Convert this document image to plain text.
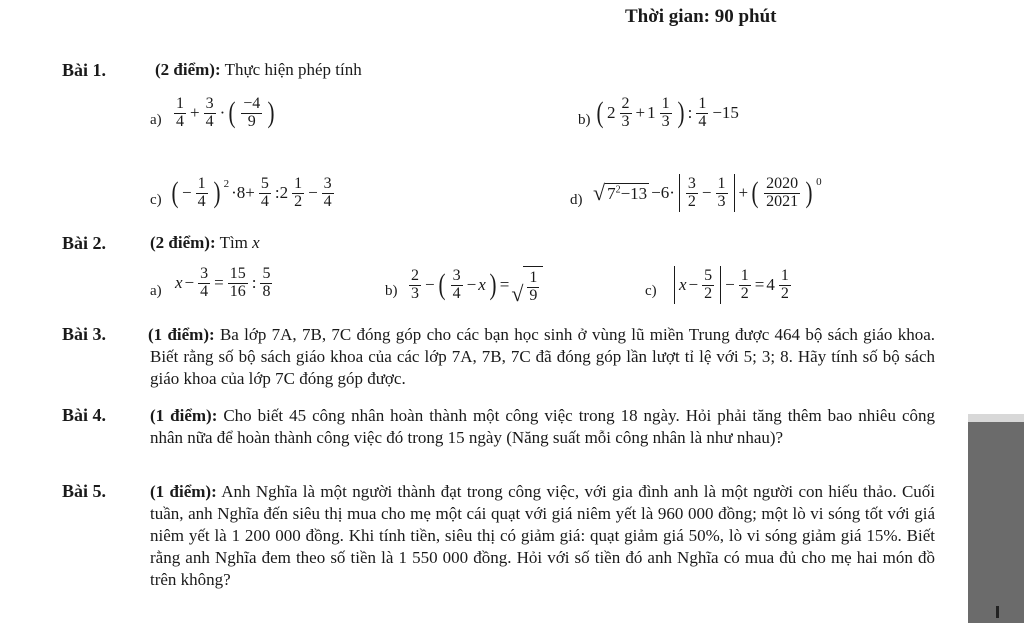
Thời gian: 90 phút
Bài 1.	(2 điểm): Thực hiện phép tính
$a) \frac{1}{4} + \frac{3}{4}$ · ( $\frac{-4}{9}$ )	b) ( $2 \frac{2}{3} + 1 \frac{1}{3}$ ) : $\frac{1}{4} -15$
c) ( − $\frac{1}{4}$ ) $2 \cdot 8+ \frac{5}{4}$ :2 $\frac{1}{2} - \frac{3}{4}$	d) √ $7^2-13 -6\cdot \frac{3}{2} - \frac{1}{3}$ + ( $\frac{2020}{2021}$ ) 0
Bài 2.	(2 điểm): Tìm x
a) $x - \frac{3}{4} = \frac{15}{16}$ : $\frac{5}{8}$	$b) \frac{2}{3}$ − ( $\frac{3}{4} - x$ ) = √ $\frac{1}{9}$	c) $x - \frac{5}{2} - \frac{1}{2} = 4 \frac{1}{2}$
Bài 3. (1 điểm): Ba lớp 7A, 7B, 7C đóng góp cho các bạn học sinh ở vùng lũ miền Trung được 464 bộ sách giáo khoa. Biết rằng số bộ sách giáo khoa của các lớp 7A, 7B, 7C đã đóng góp lần lượt tỉ lệ với 5; 3; 8. Hãy tính số bộ sách giáo khoa của lớp 7C đóng góp được.
Bài 4.	(1 điểm): Cho biết 45 công nhân hoàn thành một công việc trong 18 ngày. Hỏi phải tăng thêm bao nhiêu công nhân nữa để hoàn thành công việc đó trong 15 ngày (Năng suất mỗi công nhân là như nhau)?
Bài 5.	(1 điểm): Anh Nghĩa là một người thành đạt trong công việc, với gia đình anh là một người con hiếu thảo. Cuối tuần, anh Nghĩa đến siêu thị mua cho mẹ một cái quạt với giá niêm yết là 960 000 đồng; một lò vi sóng tốt với giá niêm yết là 1 200 000 đồng. Khi tính tiền, siêu thị có giảm giá: quạt giảm giá 50%, lò vi sóng giảm giá 15%. Biết rằng anh Nghĩa đem theo số tiền là 1 550 000 đồng. Hỏi với số tiền đó anh Nghĩa có mua đủ cho mẹ hai món đồ trên không?
